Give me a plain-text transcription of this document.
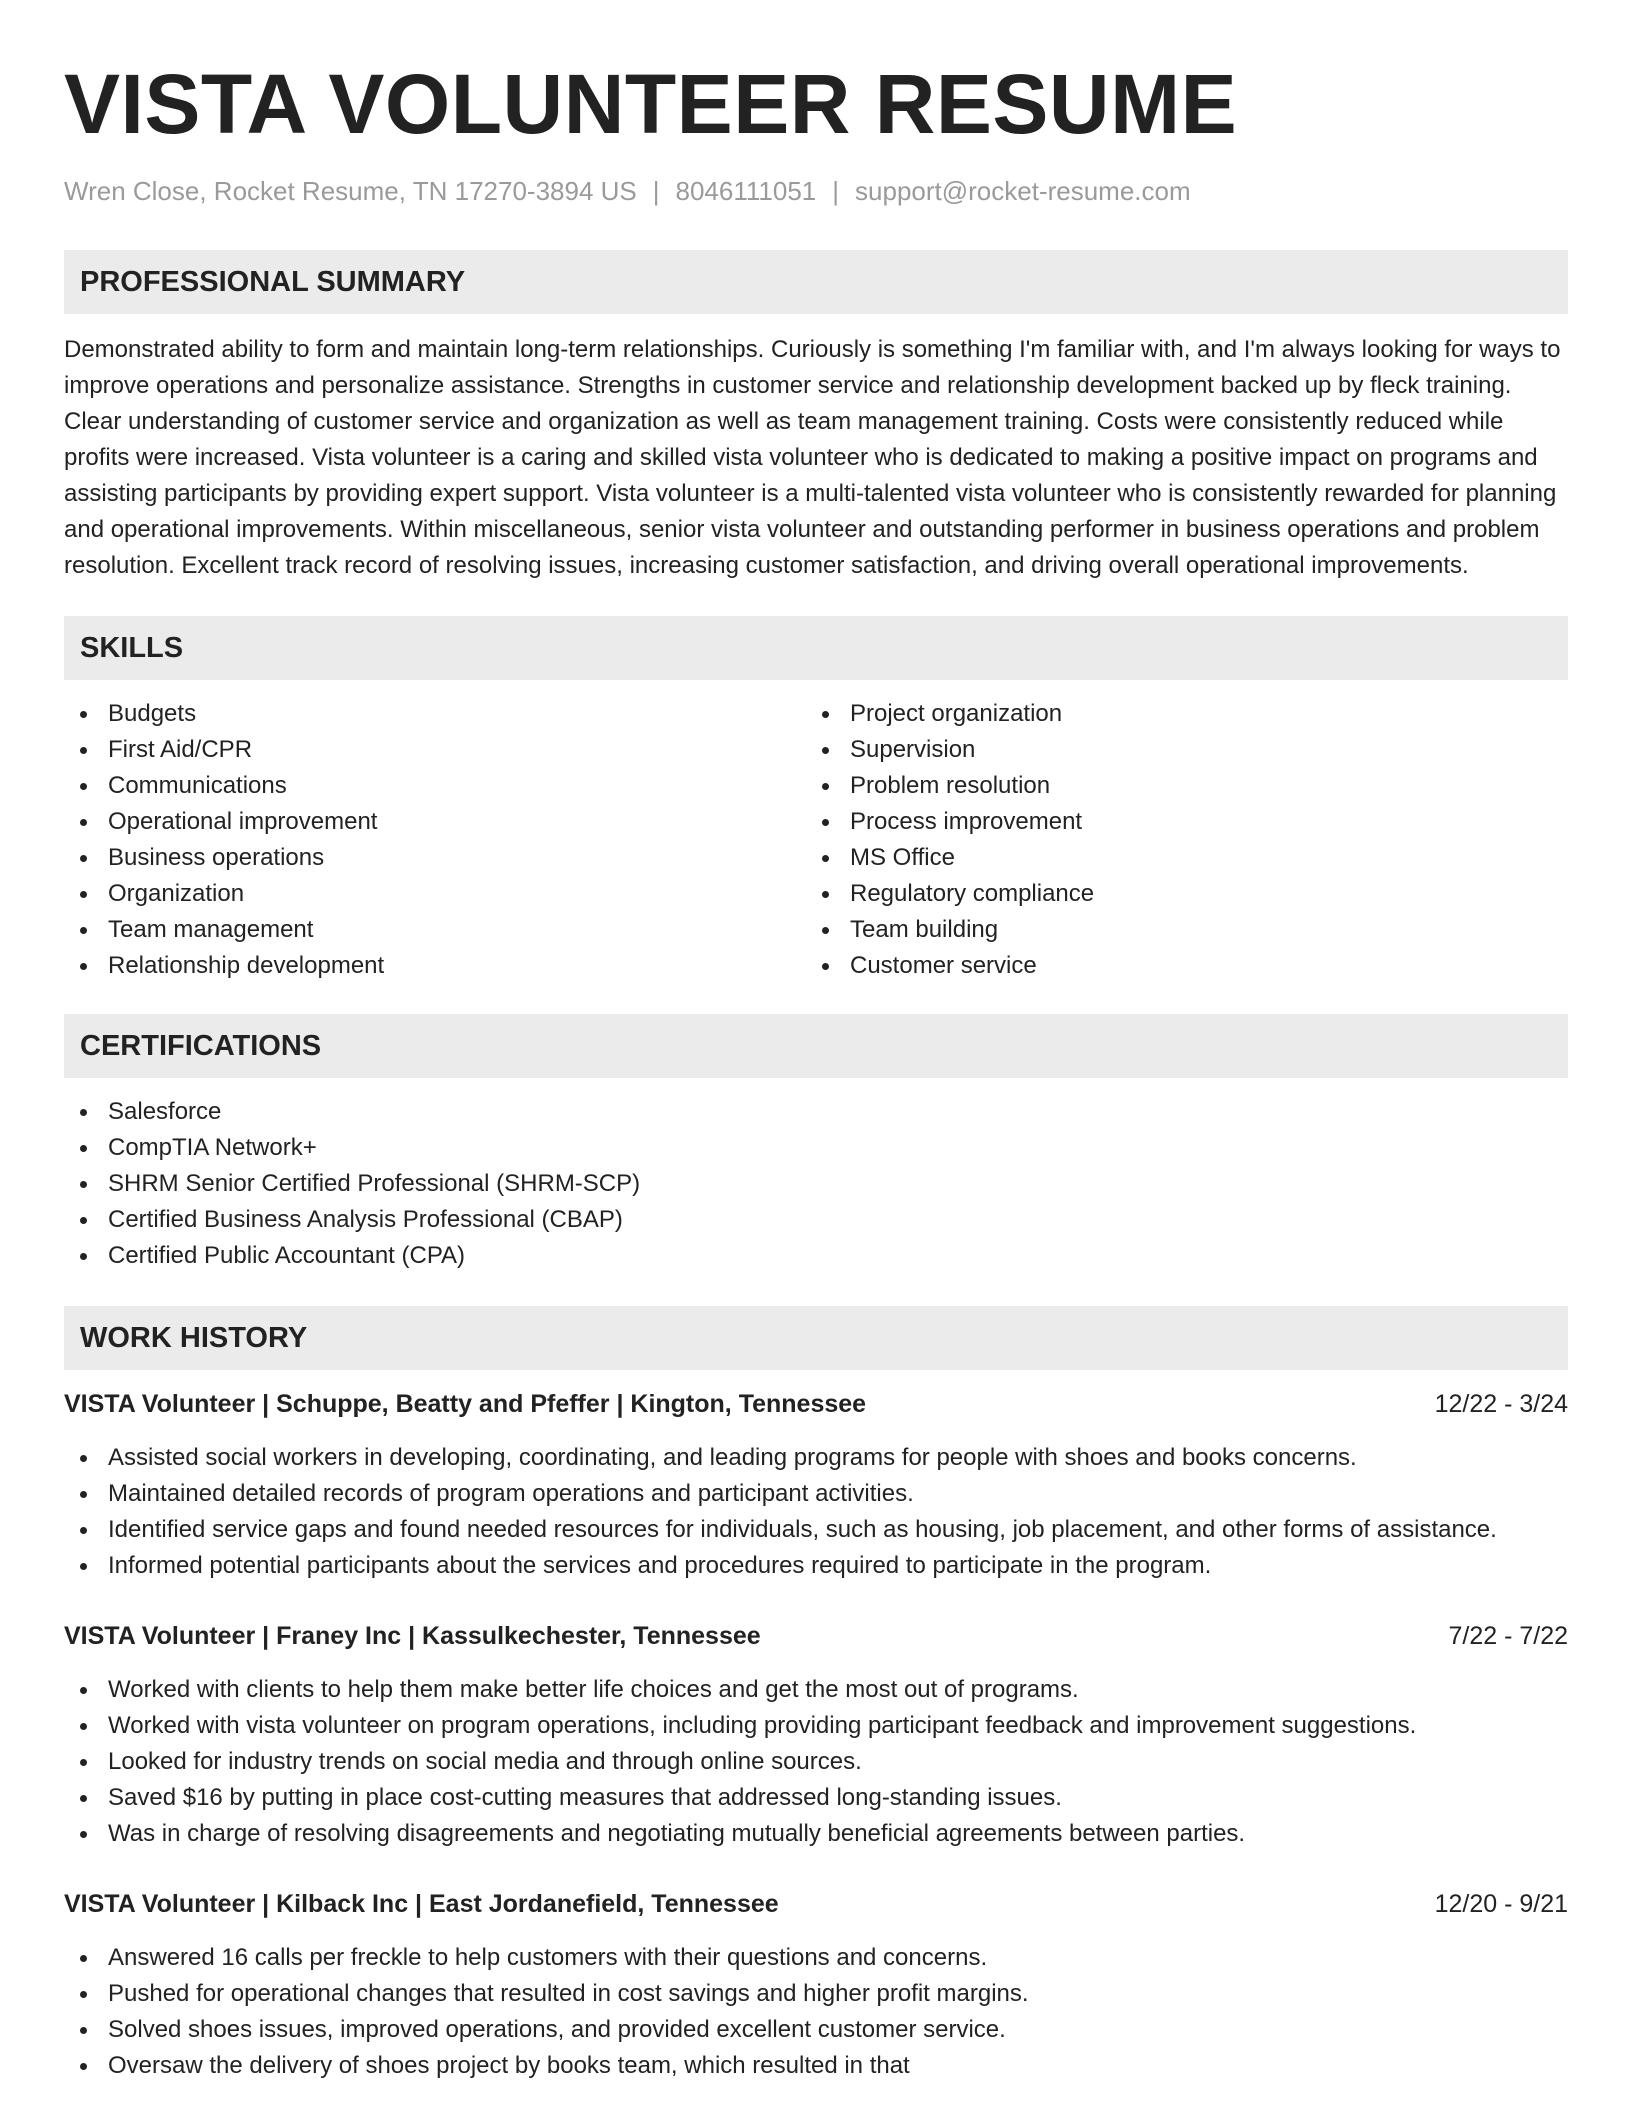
VISTA VOLUNTEER RESUME
Wren Close, Rocket Resume, TN 17270-3894 US | 8046111051 | support@rocket-resume.com
PROFESSIONAL SUMMARY

Demonstrated ability to form and maintain long-term relationships. Curiously is something I'm familiar with, and I'm always looking for ways to improve operations and personalize assistance. Strengths in customer service and relationship development backed up by fleck training. Clear understanding of customer service and organization as well as team management training. Costs were consistently reduced while profits were increased. Vista volunteer is a caring and skilled vista volunteer who is dedicated to making a positive impact on programs and assisting participants by providing expert support. Vista volunteer is a multi-talented vista volunteer who is consistently rewarded for planning and operational improvements. Within miscellaneous, senior vista volunteer and outstanding performer in business operations and problem resolution. Excellent track record of resolving issues, increasing customer satisfaction, and driving overall operational improvements.

SKILLS
Budgets
First Aid/CPR
Communications
Operational improvement
Business operations
Organization
Team management
Relationship development
Project organization
Supervision
Problem resolution
Process improvement
MS Office
Regulatory compliance
Team building
Customer service
CERTIFICATIONS
Salesforce
CompTIA Network+
SHRM Senior Certified Professional (SHRM-SCP)
Certified Business Analysis Professional (CBAP)
Certified Public Accountant (CPA)
WORK HISTORY
VISTA Volunteer | Schuppe, Beatty and Pfeffer | Kington, Tennessee	12/22 - 3/24
Assisted social workers in developing, coordinating, and leading programs for people with shoes and books concerns.
Maintained detailed records of program operations and participant activities.
Identified service gaps and found needed resources for individuals, such as housing, job placement, and other forms of assistance.
Informed potential participants about the services and procedures required to participate in the program.
VISTA Volunteer | Franey Inc | Kassulkechester, Tennessee	7/22 - 7/22
Worked with clients to help them make better life choices and get the most out of programs.
Worked with vista volunteer on program operations, including providing participant feedback and improvement suggestions.
Looked for industry trends on social media and through online sources.
Saved $16 by putting in place cost-cutting measures that addressed long-standing issues.
Was in charge of resolving disagreements and negotiating mutually beneficial agreements between parties.
VISTA Volunteer | Kilback Inc | East Jordanefield, Tennessee	12/20 - 9/21
Answered 16 calls per freckle to help customers with their questions and concerns.
Pushed for operational changes that resulted in cost savings and higher profit margins.
Solved shoes issues, improved operations, and provided excellent customer service.
Oversaw the delivery of shoes project by books team, which resulted in that
